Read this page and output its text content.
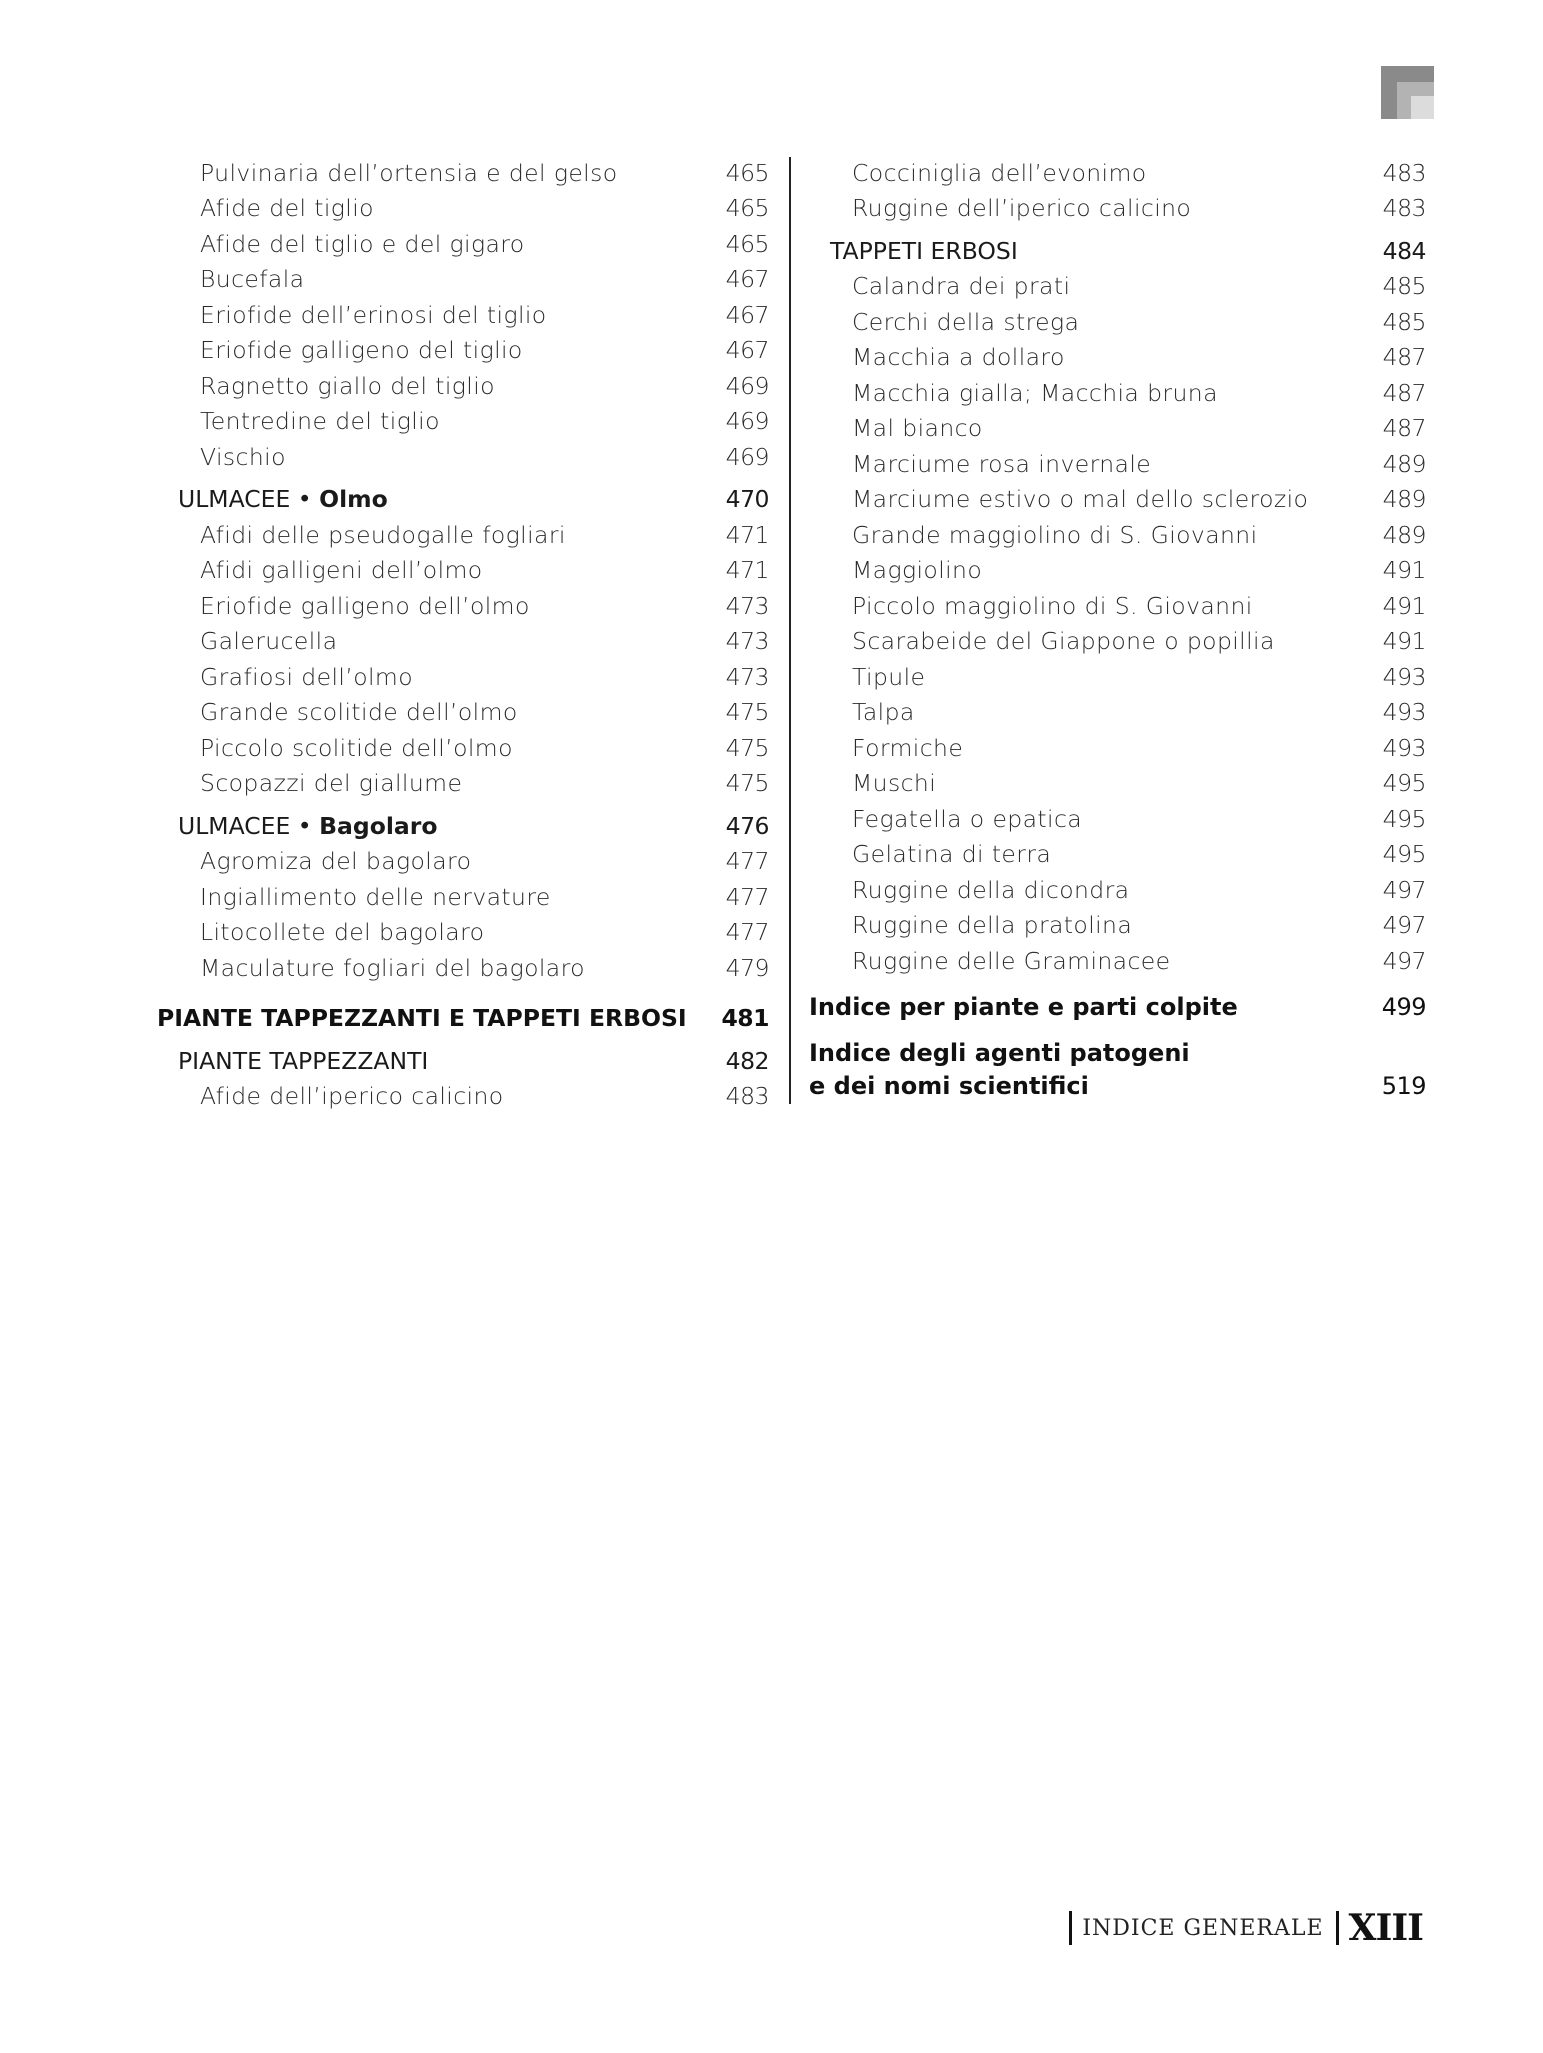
Pulvinaria dell’ortensia e del gelso	465
Afide del tiglio	465
Afide del tiglio e del gigaro	465
Bucefala	467
Eriofide dell’erinosi del tiglio	467
Eriofide galligeno del tiglio	467
Ragnetto giallo del tiglio	469
Tentredine del tiglio	469
Vischio	469
ULMACEE • Olmo	470
Afidi delle pseudogalle fogliari	471
Afidi galligeni dell’olmo	471
Eriofide galligeno dell’olmo	473
Galerucella	473
Grafiosi dell’olmo	473
Grande scolitide dell’olmo	475
Piccolo scolitide dell’olmo	475
Scopazzi del giallume	475
ULMACEE • Bagolaro	476
Agromiza del bagolaro	477
Ingiallimento delle nervature	477
Litocollete del bagolaro	477
Maculature fogliari del bagolaro	479
PIANTE TAPPEZZANTI E TAPPETI ERBOSI	481
PIANTE TAPPEZZANTI	482
Afide dell’iperico calicino	483
Cocciniglia dell’evonimo	483
Ruggine dell’iperico calicino	483
TAPPETI ERBOSI	484
Calandra dei prati	485
Cerchi della strega	485
Macchia a dollaro	487
Macchia gialla; Macchia bruna	487
Mal bianco	487
Marciume rosa invernale	489
Marciume estivo o mal dello sclerozio	489
Grande maggiolino di S. Giovanni	489
Maggiolino	491
Piccolo maggiolino di S. Giovanni	491
Scarabeide del Giappone o popillia	491
Tipule	493
Talpa	493
Formiche	493
Muschi	495
Fegatella o epatica	495
Gelatina di terra	495
Ruggine della dicondra	497
Ruggine della pratolina	497
Ruggine delle Graminacee	497
Indice per piante e parti colpite	499
Indice degli agenti patogeni
e dei nomi scientifici	519
INDICE GENERALE XIII
